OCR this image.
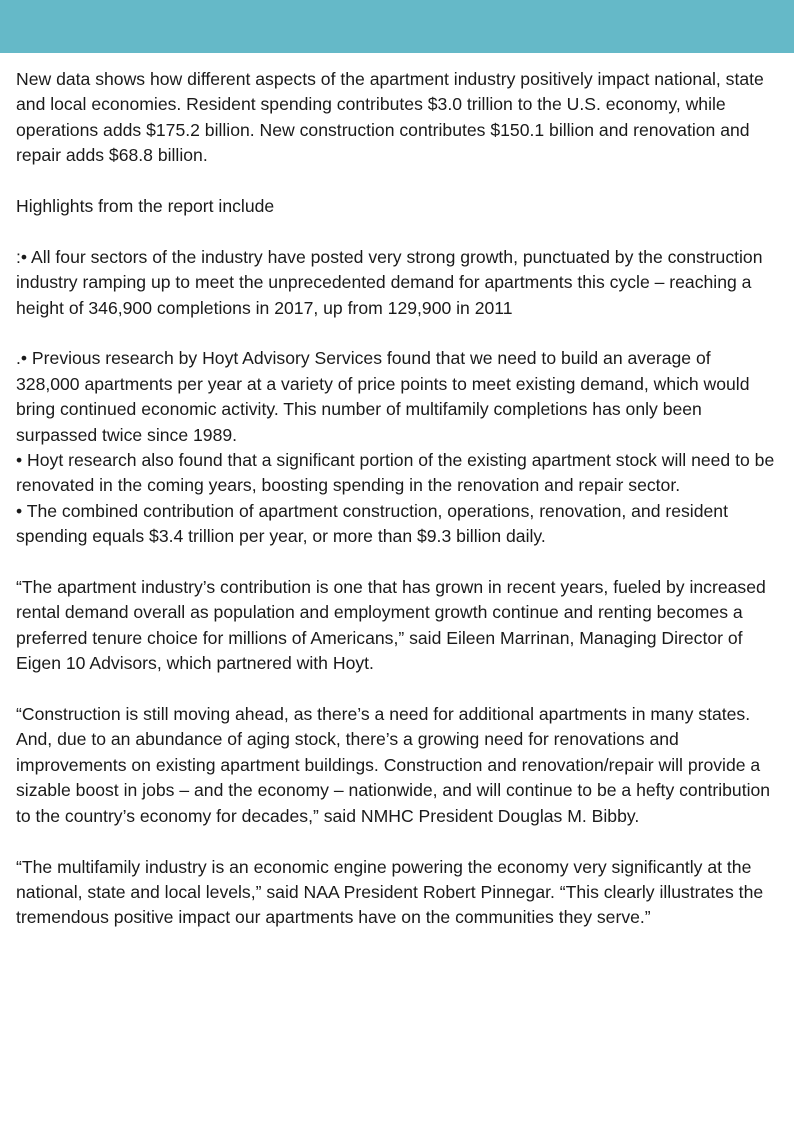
New data shows how different aspects of the apartment industry positively impact national, state and local economies. Resident spending contributes $3.0 trillion to the U.S. economy, while operations adds $175.2 billion. New construction contributes $150.1 billion and renovation and repair adds $68.8 billion.

Highlights from the report include

:• All four sectors of the industry have posted very strong growth, punctuated by the construction industry ramping up to meet the unprecedented demand for apartments this cycle – reaching a height of 346,900 completions in 2017, up from 129,900 in 2011

.• Previous research by Hoyt Advisory Services found that we need to build an average of 328,000 apartments per year at a variety of price points to meet existing demand, which would bring continued economic activity. This number of multifamily completions has only been surpassed twice since 1989.

• Hoyt research also found that a significant portion of the existing apartment stock will need to be renovated in the coming years, boosting spending in the renovation and repair sector.

• The combined contribution of apartment construction, operations, renovation, and resident spending equals $3.4 trillion per year, or more than $9.3 billion daily.

“The apartment industry’s contribution is one that has grown in recent years, fueled by increased rental demand overall as population and employment growth continue and renting becomes a preferred tenure choice for millions of Americans,” said Eileen Marrinan, Managing Director of Eigen 10 Advisors, which partnered with Hoyt.

“Construction is still moving ahead, as there’s a need for additional apartments in many states. And, due to an abundance of aging stock, there’s a growing need for renovations and improvements on existing apartment buildings. Construction and renovation/repair will provide a sizable boost in jobs – and the economy – nationwide, and will continue to be a hefty contribution to the country’s economy for decades,” said NMHC President Douglas M. Bibby.

“The multifamily industry is an economic engine powering the economy very significantly at the national, state and local levels,” said NAA President Robert Pinnegar. “This clearly illustrates the tremendous positive impact our apartments have on the communities they serve.”
